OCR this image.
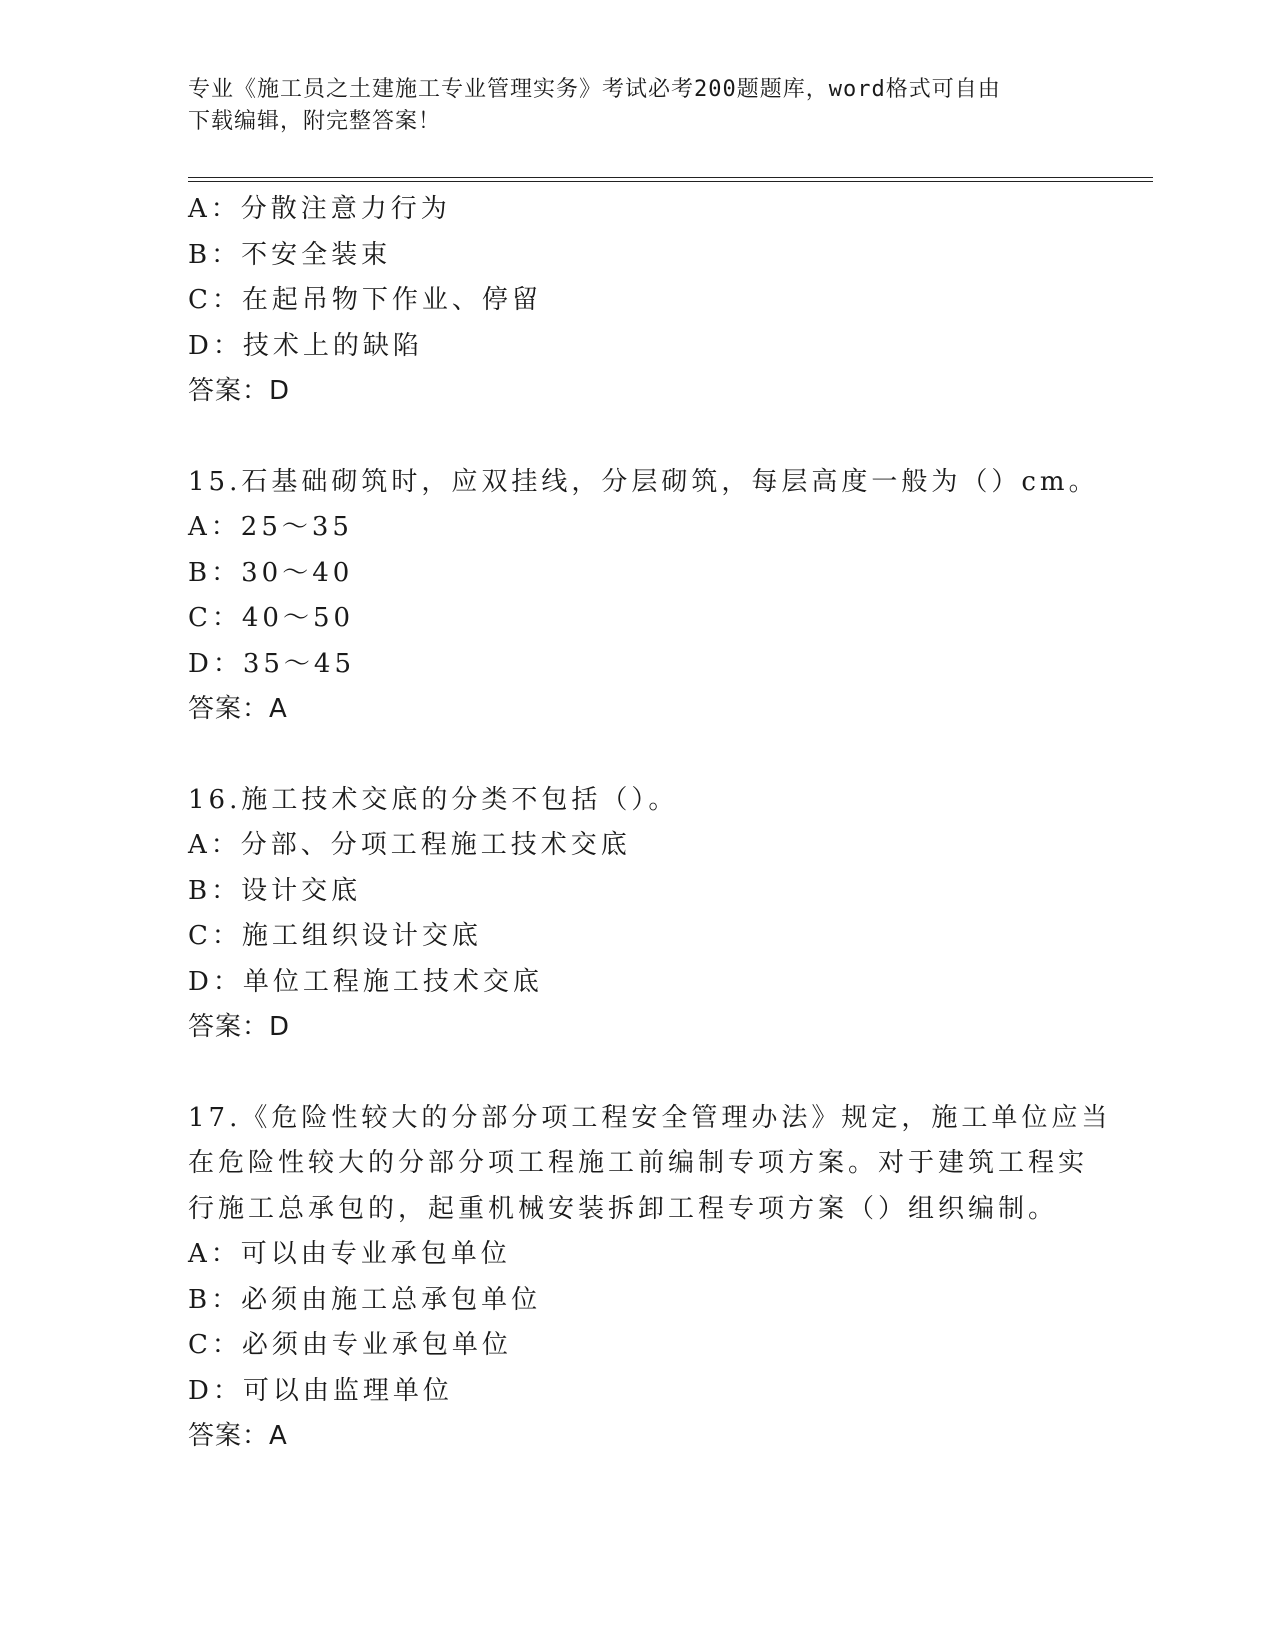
专业《施工员之土建施工专业管理实务》考试必考200题题库，word格式可自由
下载编辑，附完整答案！
A：分散注意力行为
B：不安全装束
C：在起吊物下作业、停留
D：技术上的缺陷
答案：D
15.石基础砌筑时，应双挂线，分层砌筑，每层高度一般为（）cm。
A：25～35
B：30～40
C：40～50
D：35～45
答案：A
16.施工技术交底的分类不包括（）。
A：分部、分项工程施工技术交底
B：设计交底
C：施工组织设计交底
D：单位工程施工技术交底
答案：D
17.《危险性较大的分部分项工程安全管理办法》规定，施工单位应当
在危险性较大的分部分项工程施工前编制专项方案。对于建筑工程实
行施工总承包的，起重机械安装拆卸工程专项方案（）组织编制。
A：可以由专业承包单位
B：必须由施工总承包单位
C：必须由专业承包单位
D：可以由监理单位
答案：A
